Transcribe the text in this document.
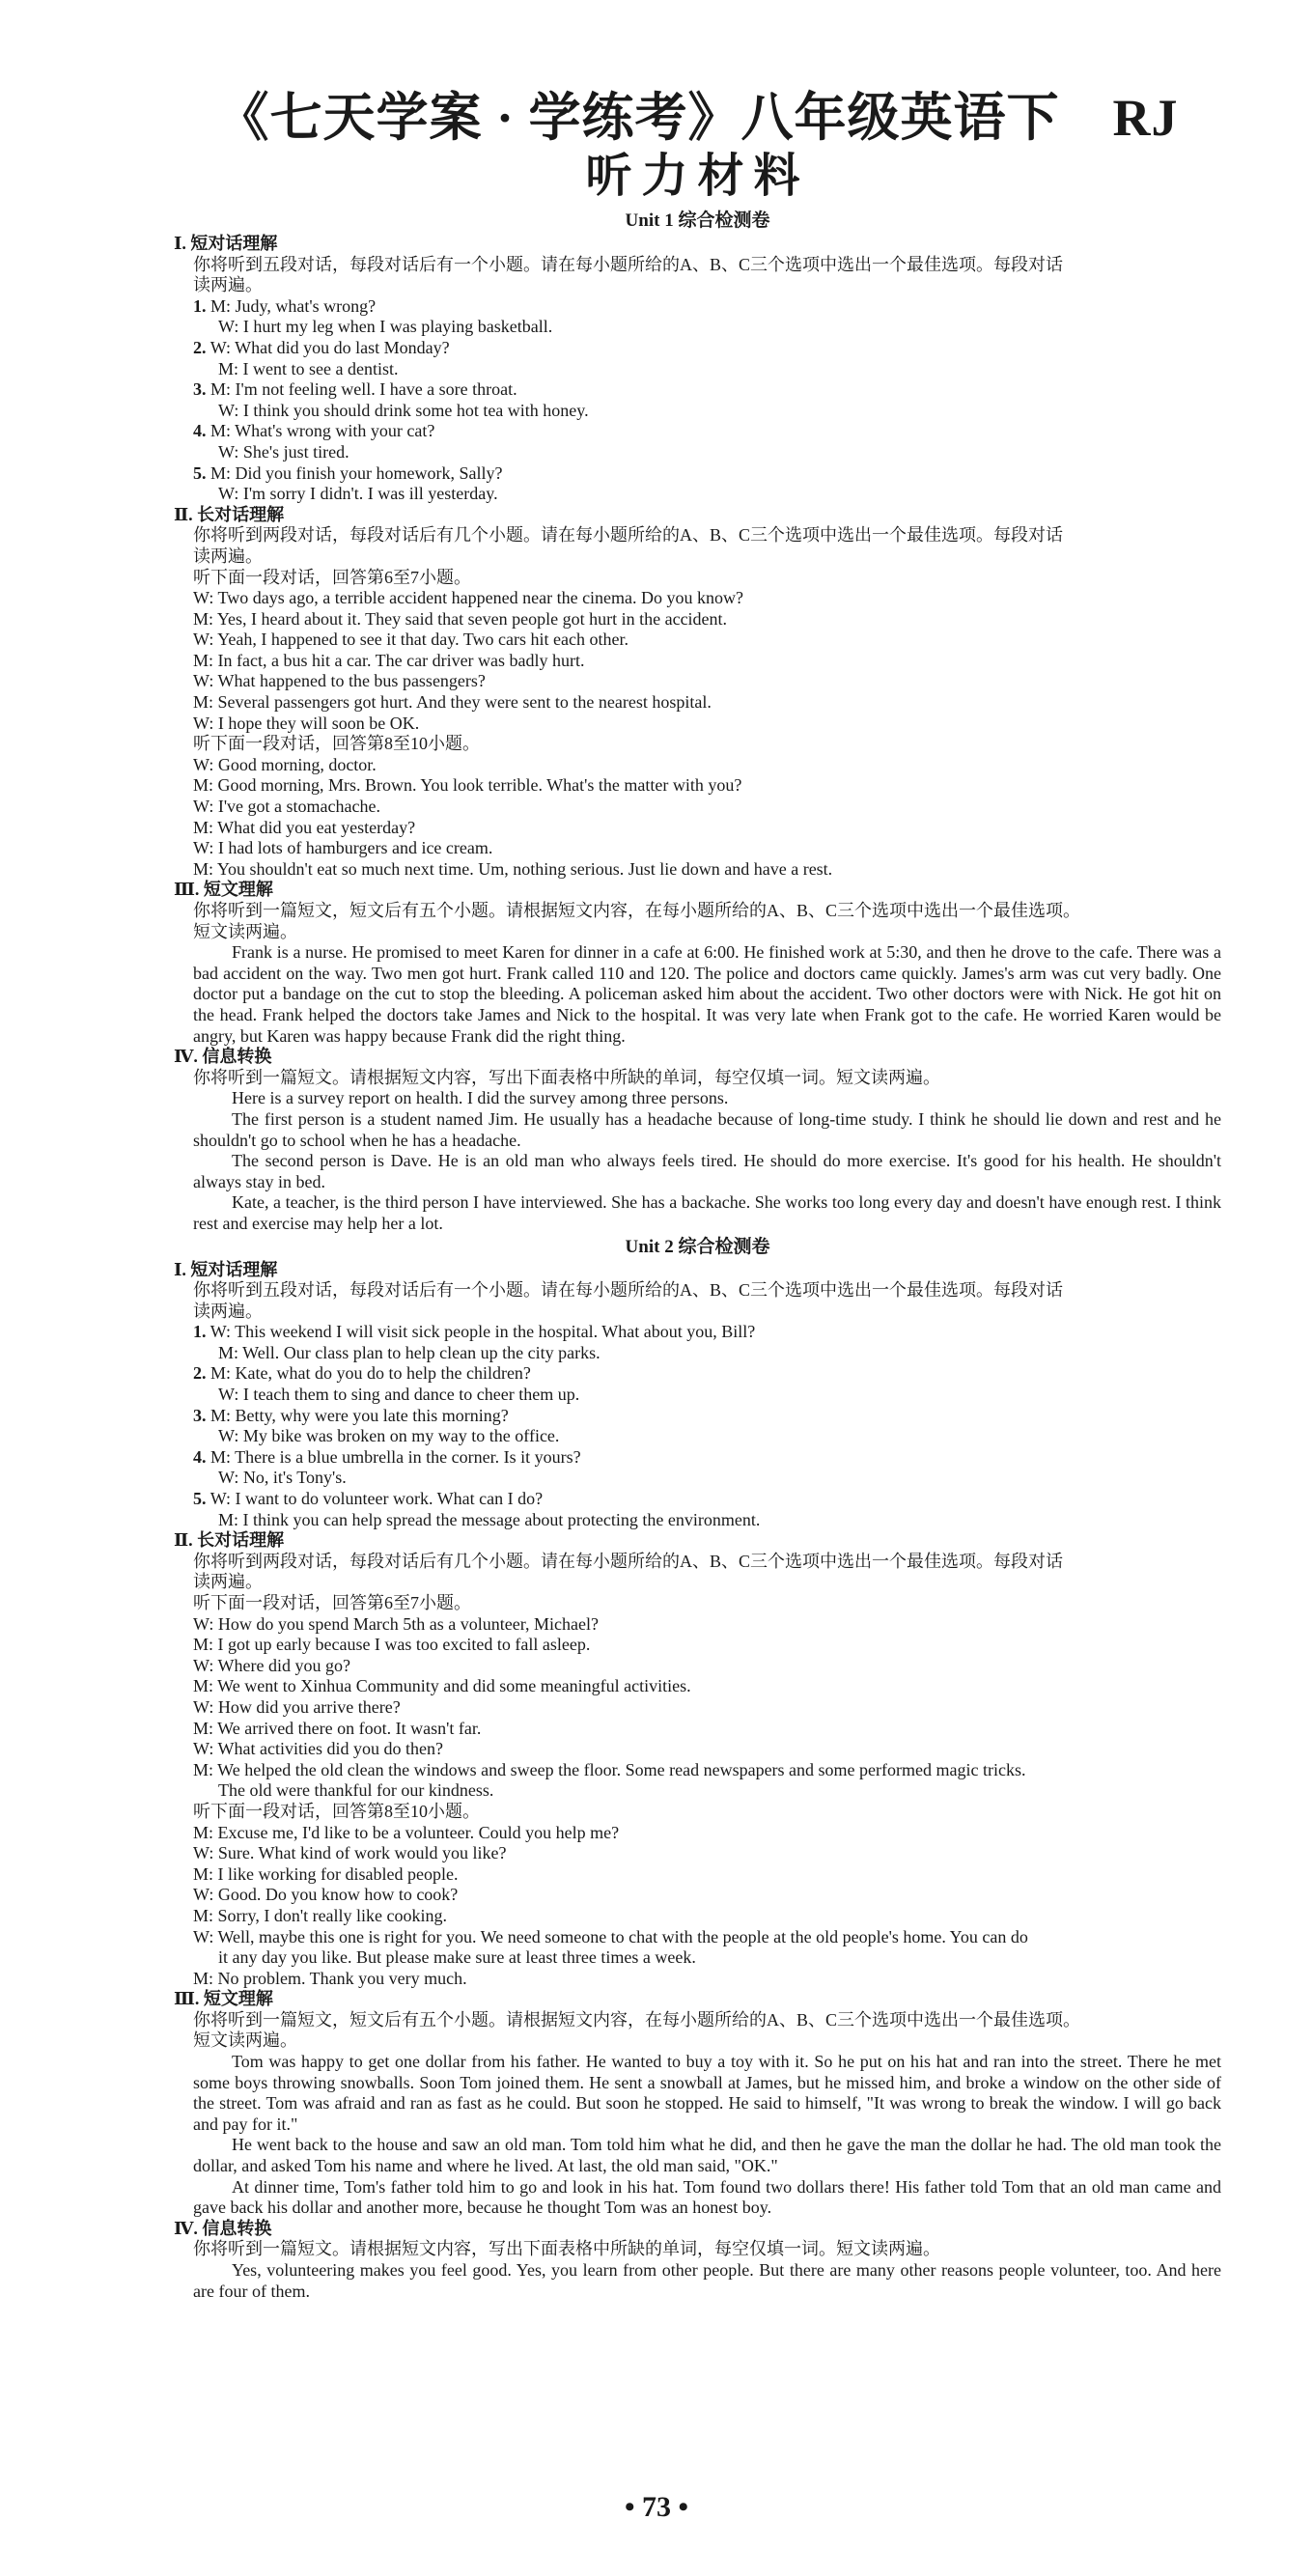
《七天学案 · 学练考》八年级英语下　RJ
听力材料

Unit 1 综合检测卷

Ⅰ. 短对话理解

你将听到五段对话，每段对话后有一个小题。请在每小题所给的A、B、C三个选项中选出一个最佳选项。每段对话

读两遍。

1. M: Judy, what's wrong?

W: I hurt my leg when I was playing basketball.

2. W: What did you do last Monday?

M: I went to see a dentist.

3. M: I'm not feeling well. I have a sore throat.

W: I think you should drink some hot tea with honey.

4. M: What's wrong with your cat?

W: She's just tired.

5. M: Did you finish your homework, Sally?

W: I'm sorry I didn't. I was ill yesterday.

Ⅱ. 长对话理解

你将听到两段对话，每段对话后有几个小题。请在每小题所给的A、B、C三个选项中选出一个最佳选项。每段对话

读两遍。

听下面一段对话，回答第6至7小题。

W: Two days ago, a terrible accident happened near the cinema. Do you know?

M: Yes, I heard about it. They said that seven people got hurt in the accident.

W: Yeah, I happened to see it that day. Two cars hit each other.

M: In fact, a bus hit a car. The car driver was badly hurt.

W: What happened to the bus passengers?

M: Several passengers got hurt. And they were sent to the nearest hospital.

W: I hope they will soon be OK.

听下面一段对话，回答第8至10小题。

W: Good morning, doctor.

M: Good morning, Mrs. Brown. You look terrible. What's the matter with you?

W: I've got a stomachache.

M: What did you eat yesterday?

W: I had lots of hamburgers and ice cream.

M: You shouldn't eat so much next time. Um, nothing serious. Just lie down and have a rest.

Ⅲ. 短文理解

你将听到一篇短文，短文后有五个小题。请根据短文内容，在每小题所给的A、B、C三个选项中选出一个最佳选项。

短文读两遍。

Frank is a nurse. He promised to meet Karen for dinner in a cafe at 6:00. He finished work at 5:30, and then he drove to the cafe. There was a bad accident on the way. Two men got hurt. Frank called 110 and 120. The police and doctors came quickly. James's arm was cut very badly. One doctor put a bandage on the cut to stop the bleeding. A policeman asked him about the accident. Two other doctors were with Nick. He got hit on the head. Frank helped the doctors take James and Nick to the hospital. It was very late when Frank got to the cafe. He worried Karen would be angry, but Karen was happy because Frank did the right thing.

Ⅳ. 信息转换

你将听到一篇短文。请根据短文内容，写出下面表格中所缺的单词，每空仅填一词。短文读两遍。

Here is a survey report on health. I did the survey among three persons.

The first person is a student named Jim. He usually has a headache because of long-time study. I think he should lie down and rest and he shouldn't go to school when he has a headache.

The second person is Dave. He is an old man who always feels tired. He should do more exercise. It's good for his health. He shouldn't always stay in bed.

Kate, a teacher, is the third person I have interviewed. She has a backache. She works too long every day and doesn't have enough rest. I think rest and exercise may help her a lot.

Unit 2 综合检测卷

Ⅰ. 短对话理解

你将听到五段对话，每段对话后有一个小题。请在每小题所给的A、B、C三个选项中选出一个最佳选项。每段对话

读两遍。

1. W: This weekend I will visit sick people in the hospital. What about you, Bill?

M: Well. Our class plan to help clean up the city parks.

2. M: Kate, what do you do to help the children?

W: I teach them to sing and dance to cheer them up.

3. M: Betty, why were you late this morning?

W: My bike was broken on my way to the office.

4. M: There is a blue umbrella in the corner. Is it yours?

W: No, it's Tony's.

5. W: I want to do volunteer work. What can I do?

M: I think you can help spread the message about protecting the environment.

Ⅱ. 长对话理解

你将听到两段对话，每段对话后有几个小题。请在每小题所给的A、B、C三个选项中选出一个最佳选项。每段对话

读两遍。

听下面一段对话，回答第6至7小题。

W: How do you spend March 5th as a volunteer, Michael?

M: I got up early because I was too excited to fall asleep.

W: Where did you go?

M: We went to Xinhua Community and did some meaningful activities.

W: How did you arrive there?

M: We arrived there on foot. It wasn't far.

W: What activities did you do then?

M: We helped the old clean the windows and sweep the floor. Some read newspapers and some performed magic tricks.

The old were thankful for our kindness.

听下面一段对话，回答第8至10小题。

M: Excuse me, I'd like to be a volunteer. Could you help me?

W: Sure. What kind of work would you like?

M: I like working for disabled people.

W: Good. Do you know how to cook?

M: Sorry, I don't really like cooking.

W: Well, maybe this one is right for you. We need someone to chat with the people at the old people's home. You can do

it any day you like. But please make sure at least three times a week.

M: No problem. Thank you very much.

Ⅲ. 短文理解

你将听到一篇短文，短文后有五个小题。请根据短文内容，在每小题所给的A、B、C三个选项中选出一个最佳选项。

短文读两遍。

Tom was happy to get one dollar from his father. He wanted to buy a toy with it. So he put on his hat and ran into the street. There he met some boys throwing snowballs. Soon Tom joined them. He sent a snowball at James, but he missed him, and broke a window on the other side of the street. Tom was afraid and ran as fast as he could. But soon he stopped. He said to himself, "It was wrong to break the window. I will go back and pay for it."

He went back to the house and saw an old man. Tom told him what he did, and then he gave the man the dollar he had. The old man took the dollar, and asked Tom his name and where he lived. At last, the old man said, "OK."

At dinner time, Tom's father told him to go and look in his hat. Tom found two dollars there! His father told Tom that an old man came and gave back his dollar and another more, because he thought Tom was an honest boy.

Ⅳ. 信息转换

你将听到一篇短文。请根据短文内容，写出下面表格中所缺的单词，每空仅填一词。短文读两遍。

Yes, volunteering makes you feel good. Yes, you learn from other people. But there are many other reasons people volunteer, too. And here are four of them.

• 73 •
